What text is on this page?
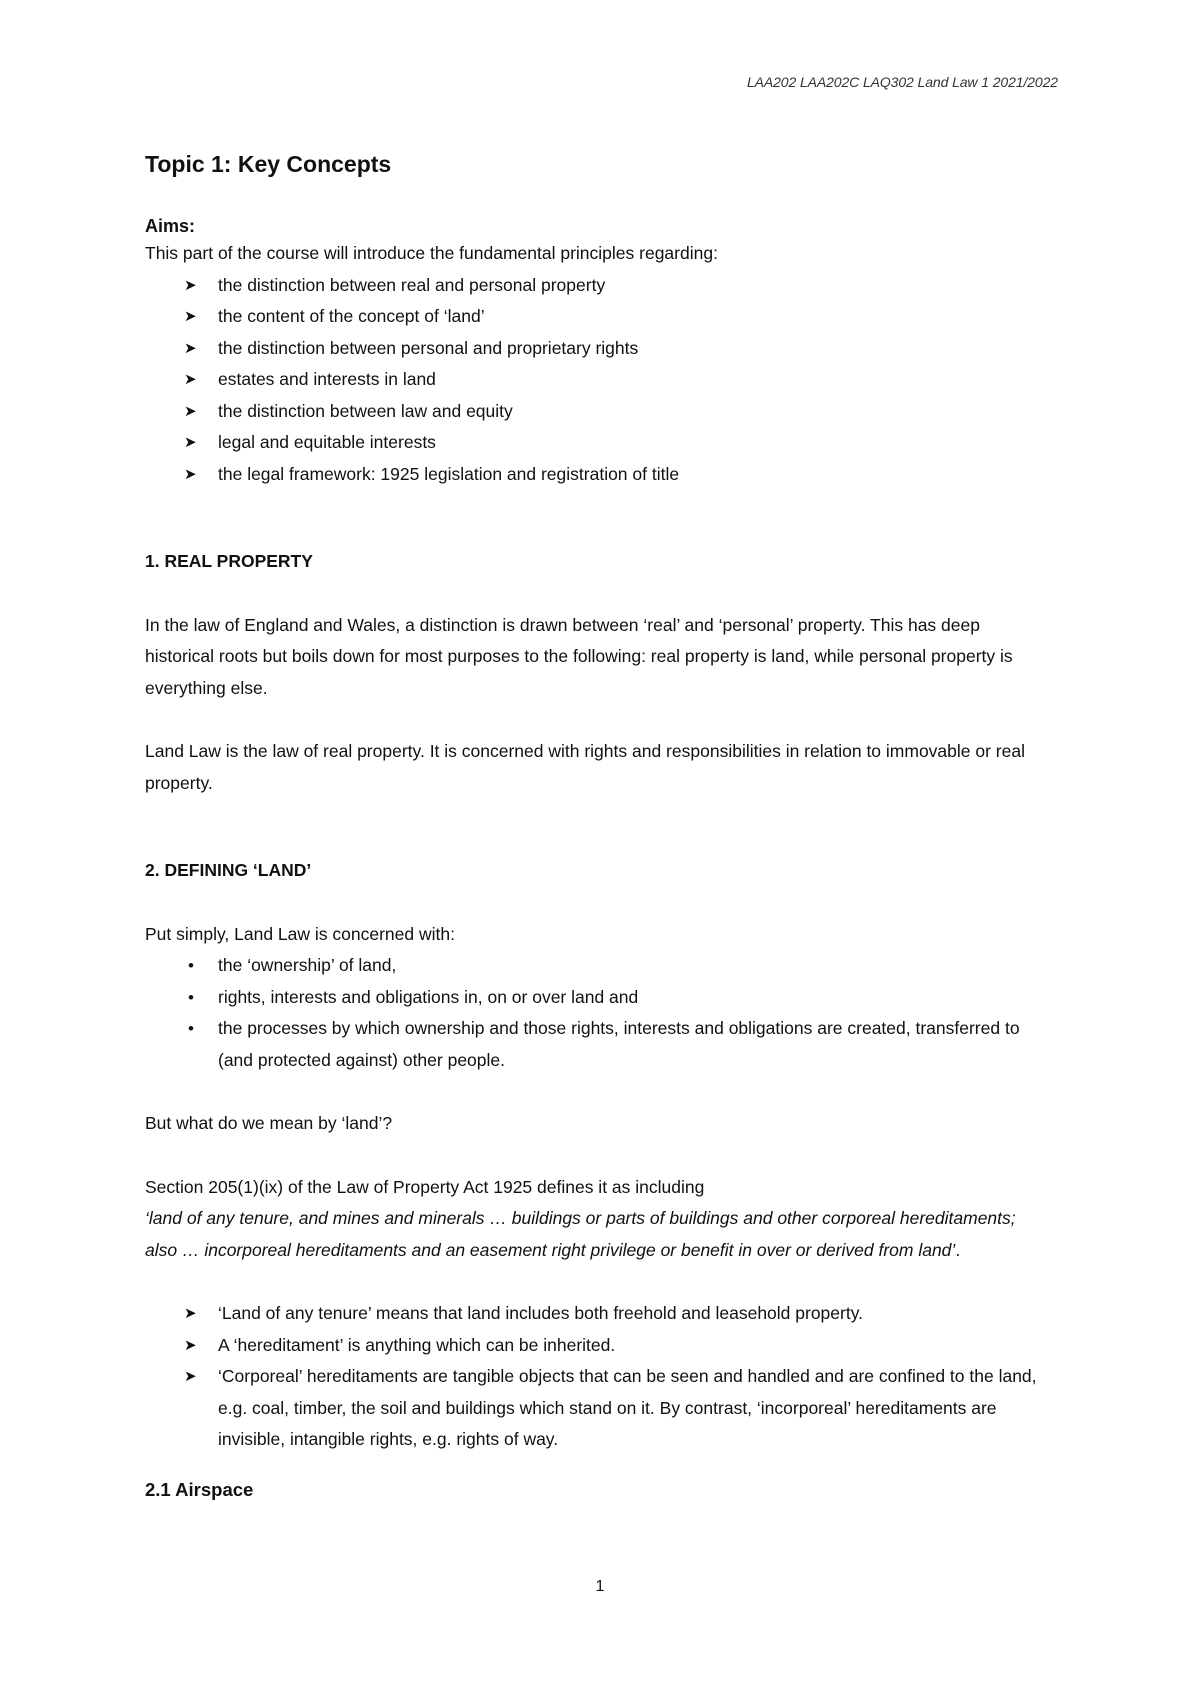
LAA202 LAA202C LAQ302 Land Law 1 2021/2022
Topic 1: Key Concepts
Aims:

This part of the course will introduce the fundamental principles regarding:

➤ the distinction between real and personal property
➤ the content of the concept of ‘land’
➤ the distinction between personal and proprietary rights
➤ estates and interests in land
➤ the distinction between law and equity
➤ legal and equitable interests
➤ the legal framework: 1925 legislation and registration of title
1. REAL PROPERTY

In the law of England and Wales, a distinction is drawn between ‘real’ and ‘personal’ property. This has deep historical roots but boils down for most purposes to the following: real property is land, while personal property is everything else.

Land Law is the law of real property. It is concerned with rights and responsibilities in relation to immovable or real property.

2. DEFINING ‘LAND’

Put simply, Land Law is concerned with:

• the ‘ownership’ of land,
• rights, interests and obligations in, on or over land and
• the processes by which ownership and those rights, interests and obligations are created, transferred to (and protected against) other people.

But what do we mean by ‘land’?

Section 205(1)(ix) of the Law of Property Act 1925 defines it as including
‘land of any tenure, and mines and minerals … buildings or parts of buildings and other corporeal hereditaments; also … incorporeal hereditaments and an easement right privilege or benefit in over or derived from land’.

➤ ‘Land of any tenure’ means that land includes both freehold and leasehold property.
➤ A ‘hereditament’ is anything which can be inherited.
➤ ‘Corporeal’ hereditaments are tangible objects that can be seen and handled and are confined to the land, e.g. coal, timber, the soil and buildings which stand on it. By contrast, ‘incorporeal’ hereditaments are invisible, intangible rights, e.g. rights of way.
2.1 Airspace
1
